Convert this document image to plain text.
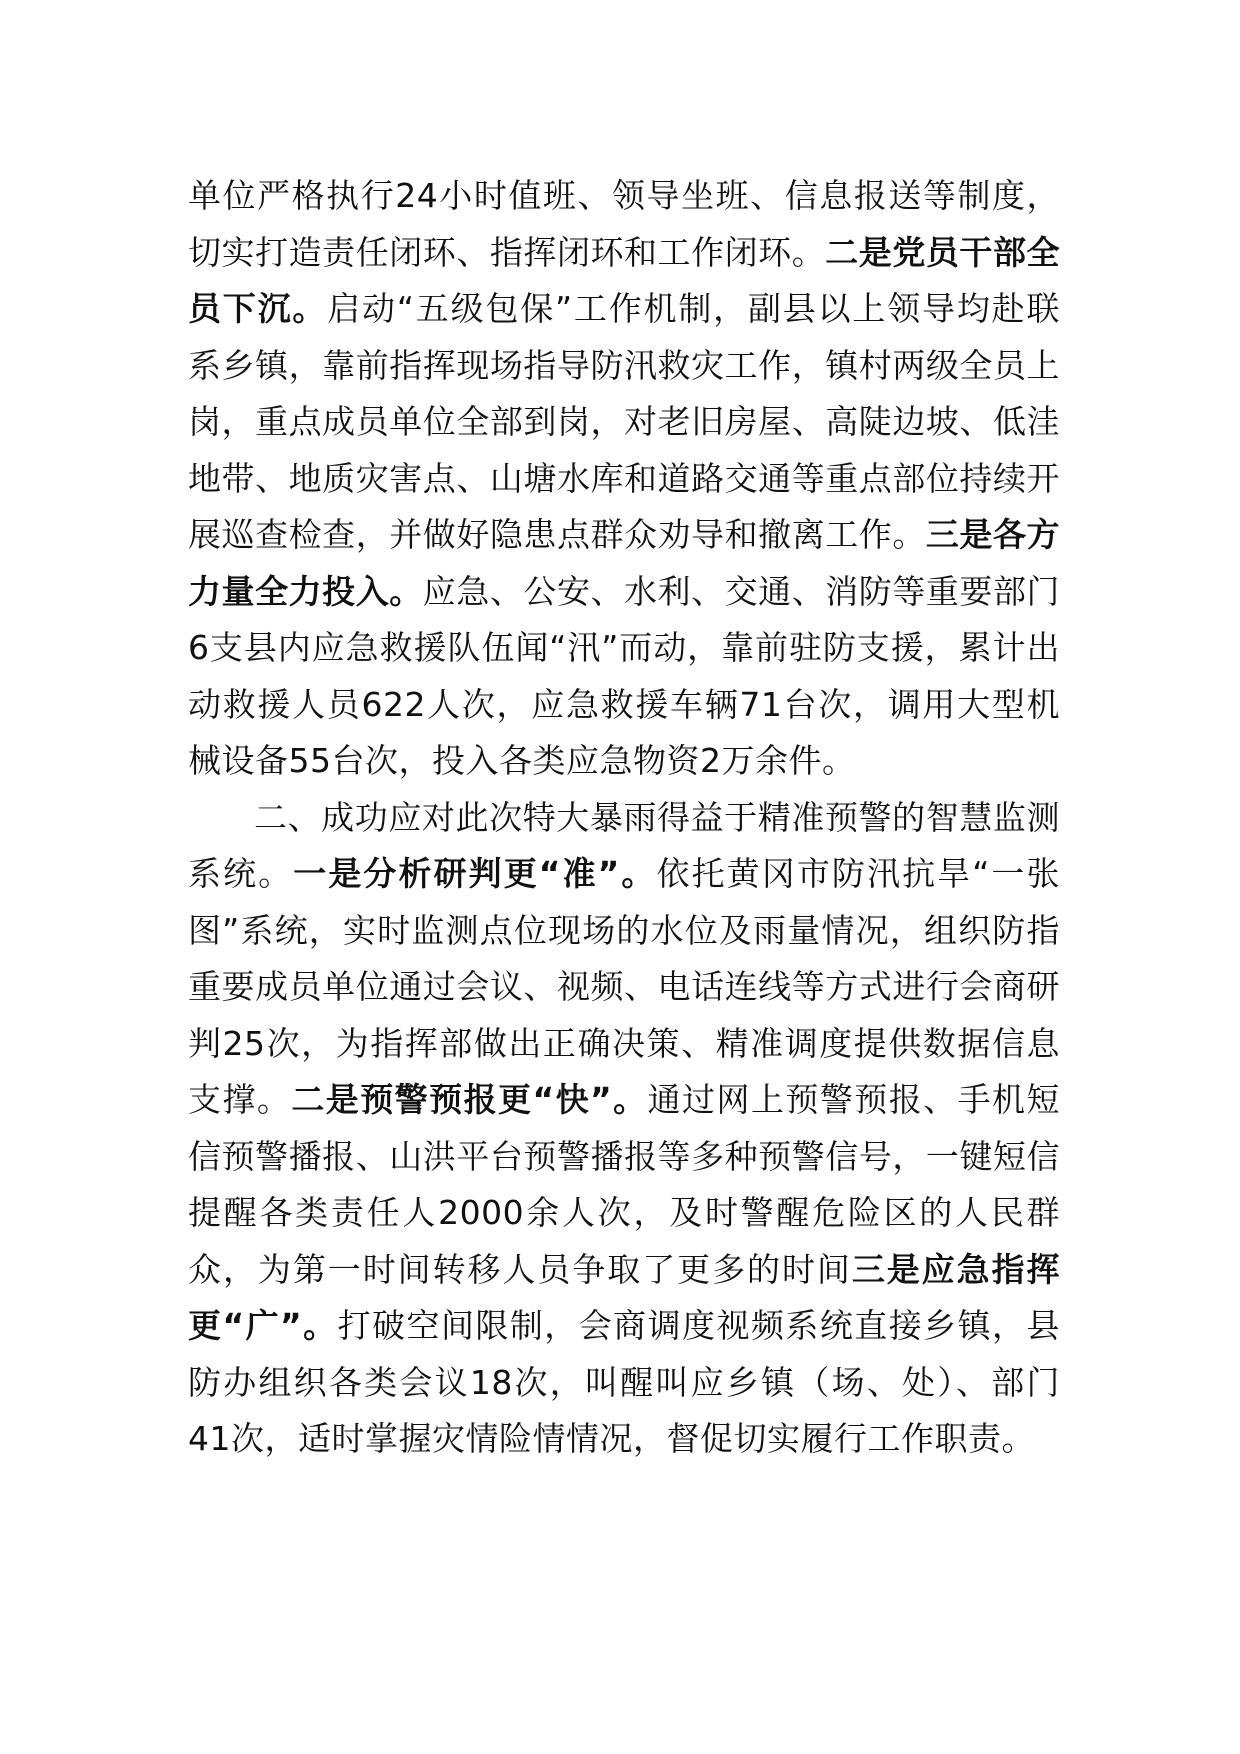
单位严格执行24小时值班、领导坐班、信息报送等制度，切实打造责任闭环、指挥闭环和工作闭环。二是党员干部全员下沉。启动“五级包保”工作机制，副县以上领导均赴联系乡镇，靠前指挥现场指导防汛救灾工作，镇村两级全员上岗，重点成员单位全部到岗，对老旧房屋、高陡边坡、低洼地带、地质灾害点、山塘水库和道路交通等重点部位持续开展巡查检查，并做好隐患点群众劝导和撤离工作。三是各方力量全力投入。应急、公安、水利、交通、消防等重要部门6支县内应急救援队伍闻“汛”而动，靠前驻防支援，累计出动救援人员622人次，应急救援车辆71台次，调用大型机械设备55台次，投入各类应急物资2万余件。

二、成功应对此次特大暴雨得益于精准预警的智慧监测系统。一是分析研判更“准”。依托黄冈市防汛抗旱“一张图”系统，实时监测点位现场的水位及雨量情况，组织防指重要成员单位通过会议、视频、电话连线等方式进行会商研判25次，为指挥部做出正确决策、精准调度提供数据信息支撑。二是预警预报更“快”。通过网上预警预报、手机短信预警播报、山洪平台预警播报等多种预警信号，一键短信提醒各类责任人2000余人次，及时警醒危险区的人民群众，为第一时间转移人员争取了更多的时间三是应急指挥更“广”。打破空间限制，会商调度视频系统直接乡镇，县防办组织各类会议18次，叫醒叫应乡镇（场、处）、部门41次，适时掌握灾情险情情况，督促切实履行工作职责。
